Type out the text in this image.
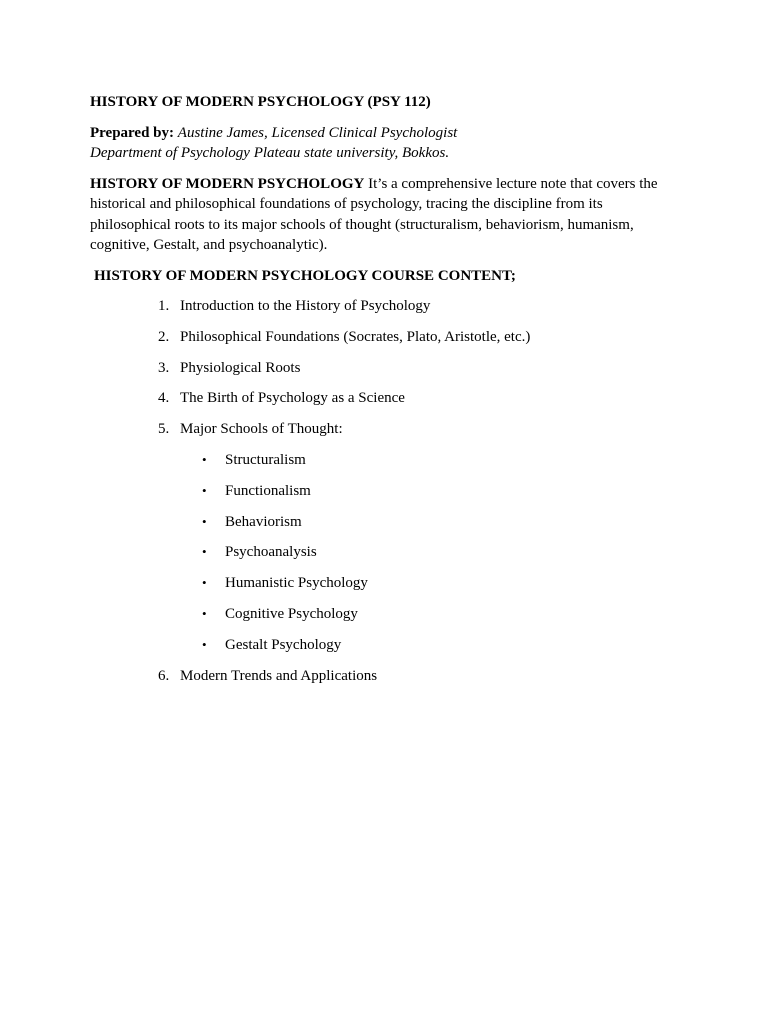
HISTORY OF MODERN PSYCHOLOGY (PSY 112)
Prepared by: Austine James, Licensed Clinical Psychologist
Department of Psychology Plateau state university, Bokkos.
HISTORY OF MODERN PSYCHOLOGY It’s a comprehensive lecture note that covers the historical and philosophical foundations of psychology, tracing the discipline from its philosophical roots to its major schools of thought (structuralism, behaviorism, humanism, cognitive, Gestalt, and psychoanalytic).
HISTORY OF MODERN PSYCHOLOGY COURSE CONTENT;
1. Introduction to the History of Psychology
2. Philosophical Foundations (Socrates, Plato, Aristotle, etc.)
3. Physiological Roots
4. The Birth of Psychology as a Science
5. Major Schools of Thought:
• Structuralism
• Functionalism
• Behaviorism
• Psychoanalysis
• Humanistic Psychology
• Cognitive Psychology
• Gestalt Psychology
6. Modern Trends and Applications
